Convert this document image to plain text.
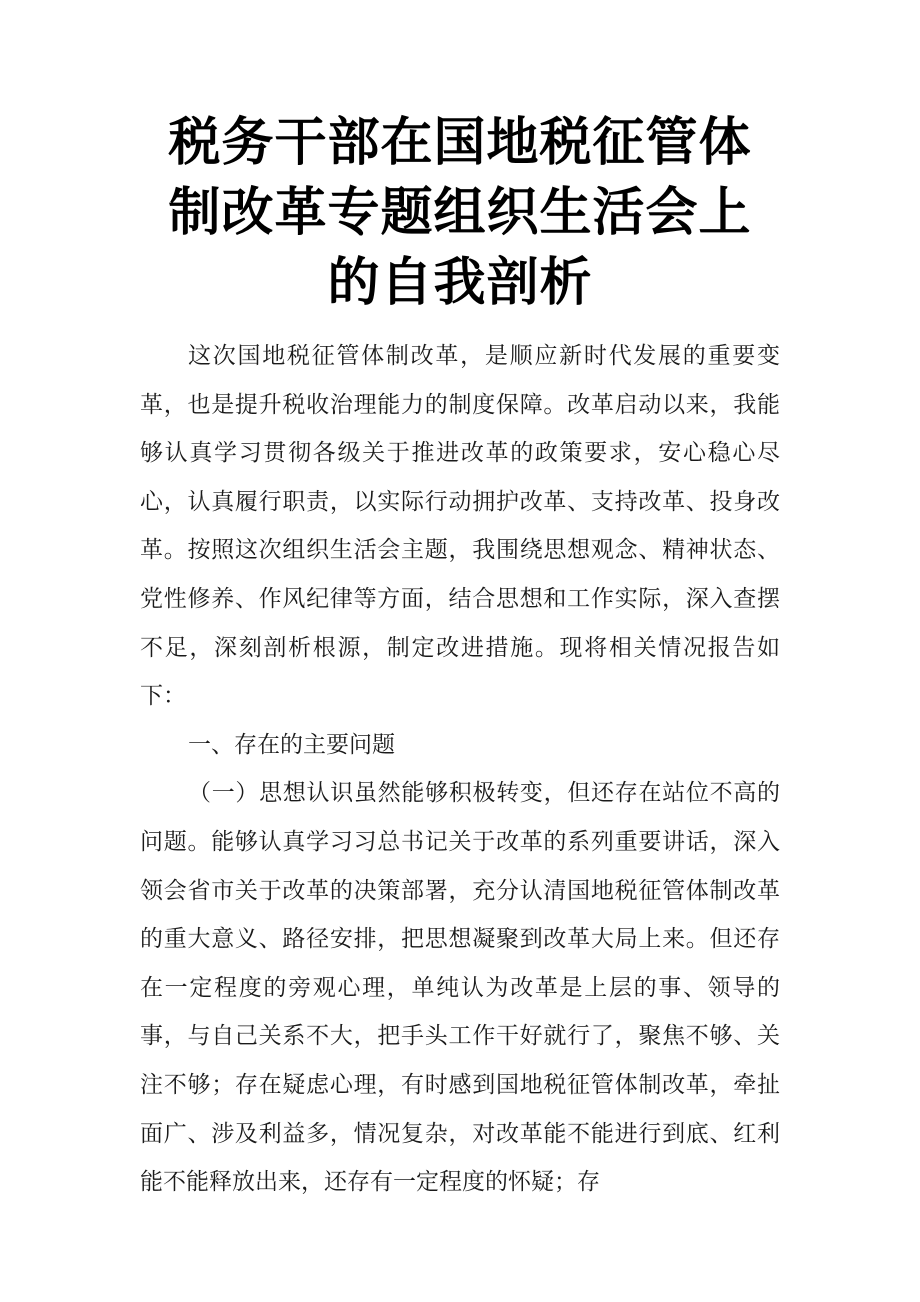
税务干部在国地税征管体
制改革专题组织生活会上
的自我剖析

这次国地税征管体制改革，是顺应新时代发展的重要变革，也是提升税收治理能力的制度保障。改革启动以来，我能够认真学习贯彻各级关于推进改革的政策要求，安心稳心尽心，认真履行职责，以实际行动拥护改革、支持改革、投身改革。按照这次组织生活会主题，我围绕思想观念、精神状态、党性修养、作风纪律等方面，结合思想和工作实际，深入查摆不足，深刻剖析根源，制定改进措施。现将相关情况报告如下：

一、存在的主要问题

（一）思想认识虽然能够积极转变，但还存在站位不高的问题。能够认真学习习总书记关于改革的系列重要讲话，深入领会省市关于改革的决策部署，充分认清国地税征管体制改革的重大意义、路径安排，把思想凝聚到改革大局上来。但还存在一定程度的旁观心理，单纯认为改革是上层的事、领导的事，与自己关系不大，把手头工作干好就行了，聚焦不够、关注不够；存在疑虑心理，有时感到国地税征管体制改革，牵扯面广、涉及利益多，情况复杂，对改革能不能进行到底、红利能不能释放出来，还存有一定程度的怀疑；存
